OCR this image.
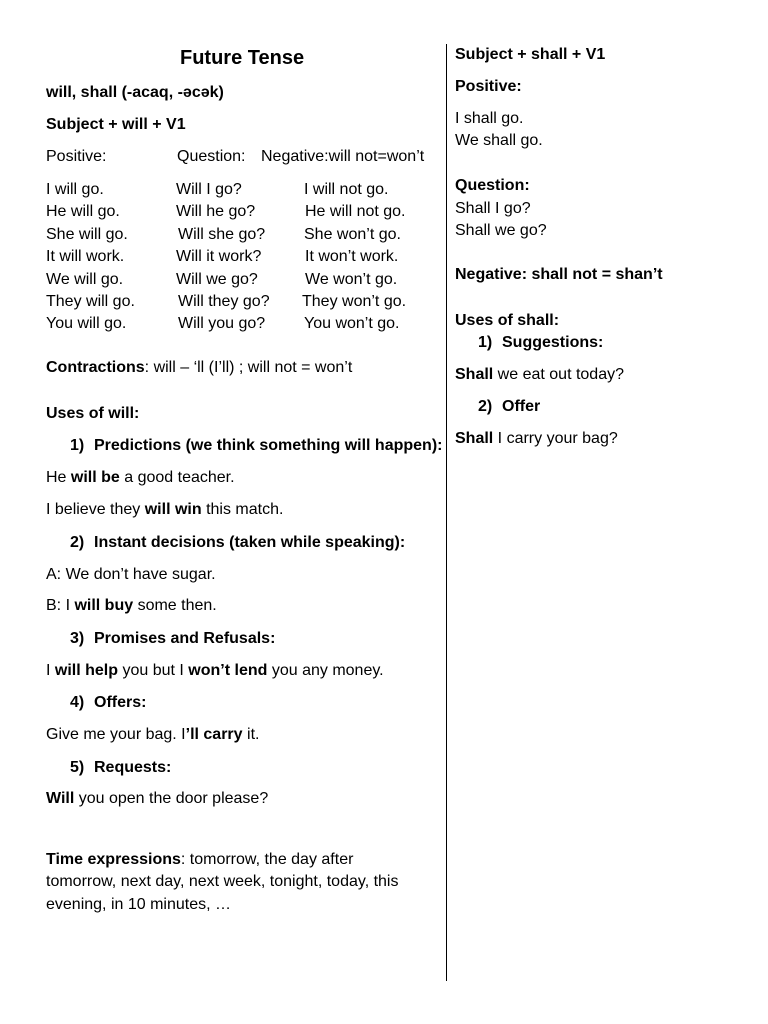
Future Tense
will, shall (-acaq, -əcək)
Subject + will + V1
Positive:	Question: Negative:will not=won’t
I will go.
He will go.
She will go.
It will work.
We will go.
They will go.
You will go.
Will I go?
Will he go?
Will she go?
Will it work?
Will we go?
Will they go?
Will you go?
I will not go.
He will not go.
She won’t go.
It won’t work.
We won’t go.
They won’t go.
You won’t go.
Contractions: will – ‘ll (I’ll) ; will not = won’t
Uses of will:
1) Predictions (we think something will happen):
He will be a good teacher.
I believe they will win this match.
2) Instant decisions (taken while speaking):
A: We don’t have sugar.
B: I will buy some then.
3) Promises and Refusals:
I will help you but I won’t lend you any money.
4) Offers:
Give me your bag. I’ll carry it.
5) Requests:
Will you open the door please?
Time expressions: tomorrow, the day after
tomorrow, next day, next week, tonight, today, this
evening, in 10 minutes, …
Subject + shall + V1
Positive:
I shall go.
We shall go.
Question:
Shall I go?
Shall we go?
Negative: shall not = shan’t
Uses of shall:
1) Suggestions:
Shall we eat out today?
2) Offer
Shall I carry your bag?
